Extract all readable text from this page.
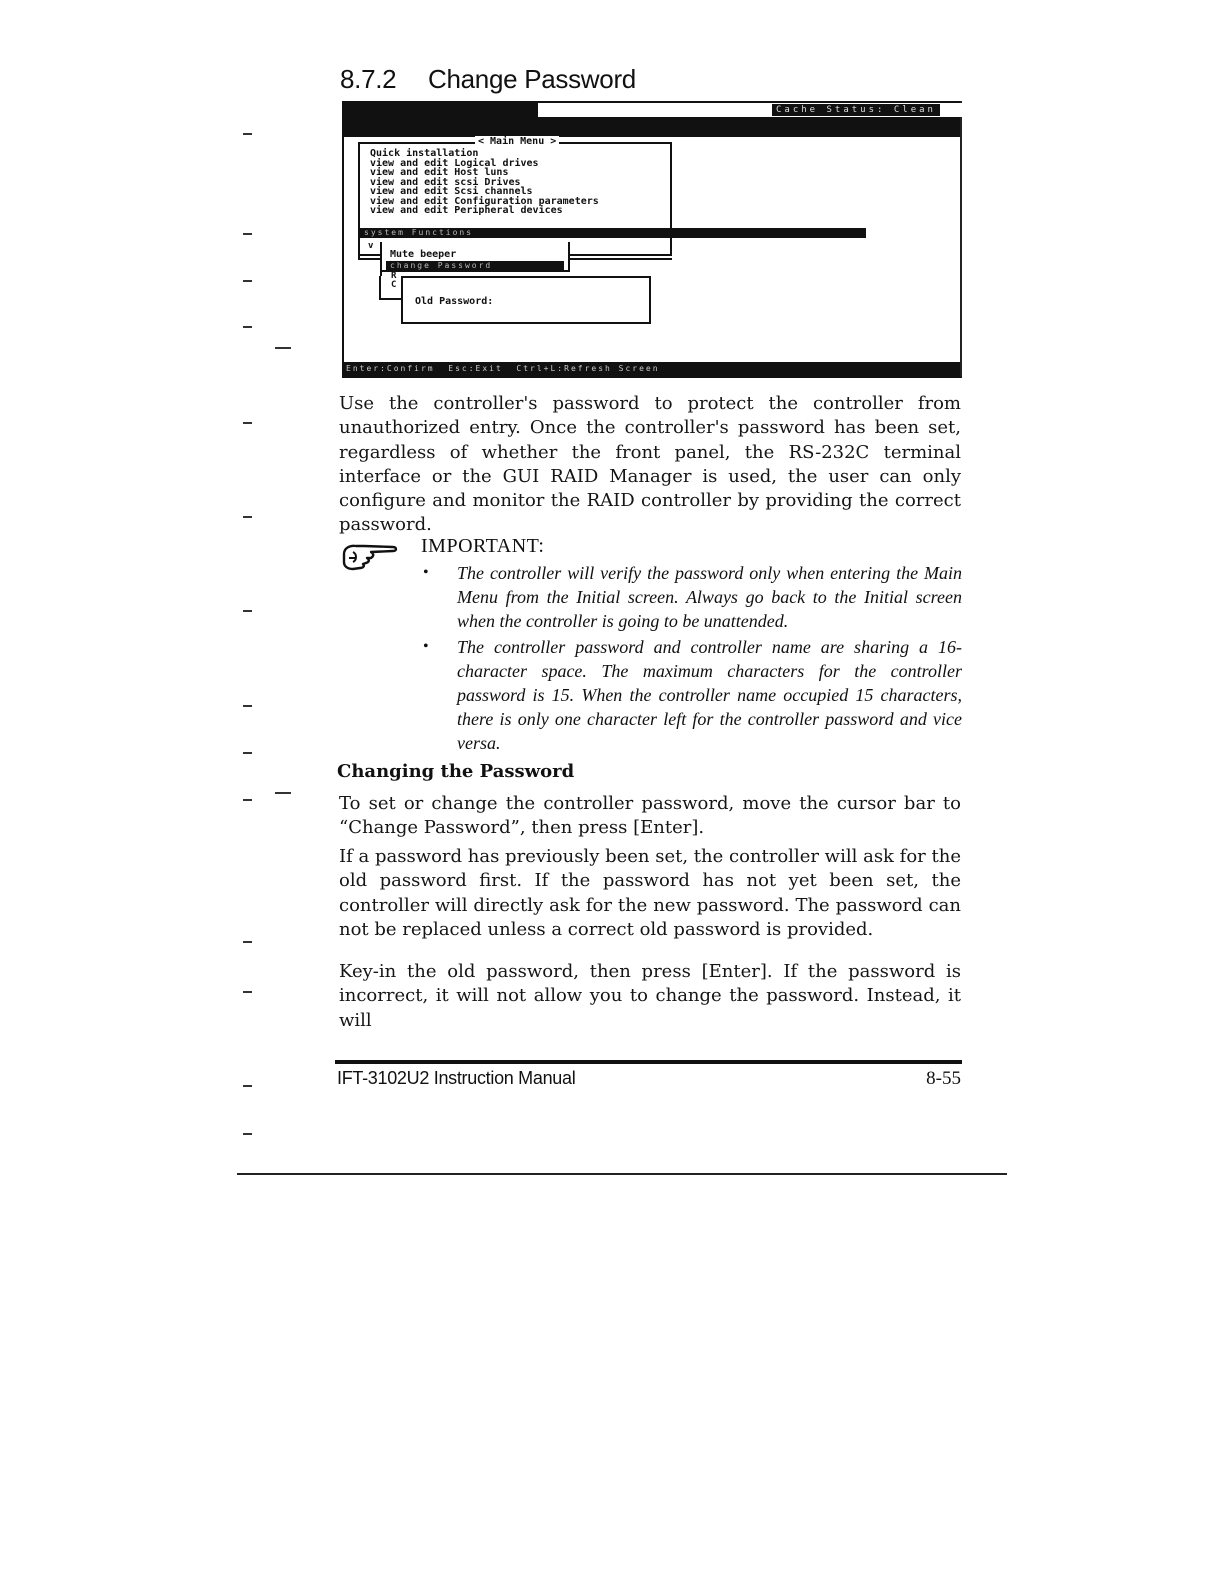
8.7.2 Change Password
Cache Status: Clean
< Main Menu >
Quick installation
view and edit Logical drives
view and edit Host luns
view and edit scsi Drives
view and edit Scsi channels
view and edit Configuration parameters
view and edit Peripheral devices
system Functions
v
Mute beeper
change Password
R
C
Old Password:
Enter:Confirm  Esc:Exit  Ctrl+L:Refresh Screen

Use the controller's password to protect the controller from unauthorized entry. Once the controller's password has been set, regardless of whether the front panel, the RS-232C terminal interface or the GUI RAID Manager is used, the user can only configure and monitor the RAID controller by providing the correct password.

IMPORTANT:

• The controller will verify the password only when entering the Main Menu from the Initial screen. Always go back to the Initial screen when the controller is going to be unattended.
• The controller password and controller name are sharing a 16-character space. The maximum characters for the controller password is 15. When the controller name occupied 15 characters, there is only one character left for the controller password and vice versa.
Changing the Password

To set or change the controller password, move the cursor bar to “Change Password”, then press [Enter].

If a password has previously been set, the controller will ask for the old password first. If the password has not yet been set, the controller will directly ask for the new password. The password can not be replaced unless a correct old password is provided.

Key-in the old password, then press [Enter]. If the password is incorrect, it will not allow you to change the password. Instead, it will

IFT-3102U2 Instruction Manual	8-55
